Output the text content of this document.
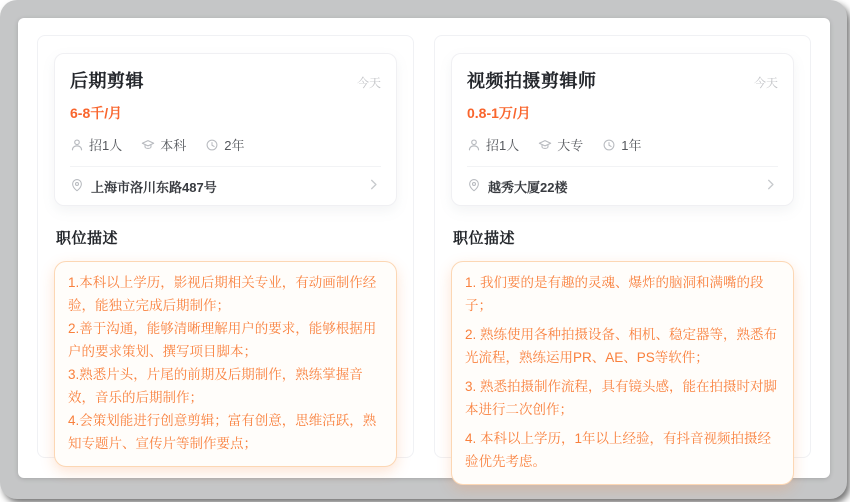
后期剪辑	今天
6-8千/月
招1人	本科	2年
上海市洛川东路487号
职位描述

1.本科以上学历，影视后期相关专业，有动画制作经验，能独立完成后期制作；

2.善于沟通，能够清晰理解用户的要求，能够根据用户的要求策划、撰写项目脚本；

3.熟悉片头，片尾的前期及后期制作，熟练掌握音效，音乐的后期制作；

4.会策划能进行创意剪辑；富有创意，思维活跃，熟知专题片、宣传片等制作要点；

视频拍摄剪辑师	今天
0.8-1万/月
招1人	大专	1年
越秀大厦22楼
职位描述

1. 我们要的是有趣的灵魂、爆炸的脑洞和满嘴的段子；

2. 熟练使用各种拍摄设备、相机、稳定器等，熟悉布光流程，熟练运用PR、AE、PS等软件；

3. 熟悉拍摄制作流程，具有镜头感，能在拍摄时对脚本进行二次创作；

4. 本科以上学历，1年以上经验，有抖音视频拍摄经验优先考虑。
